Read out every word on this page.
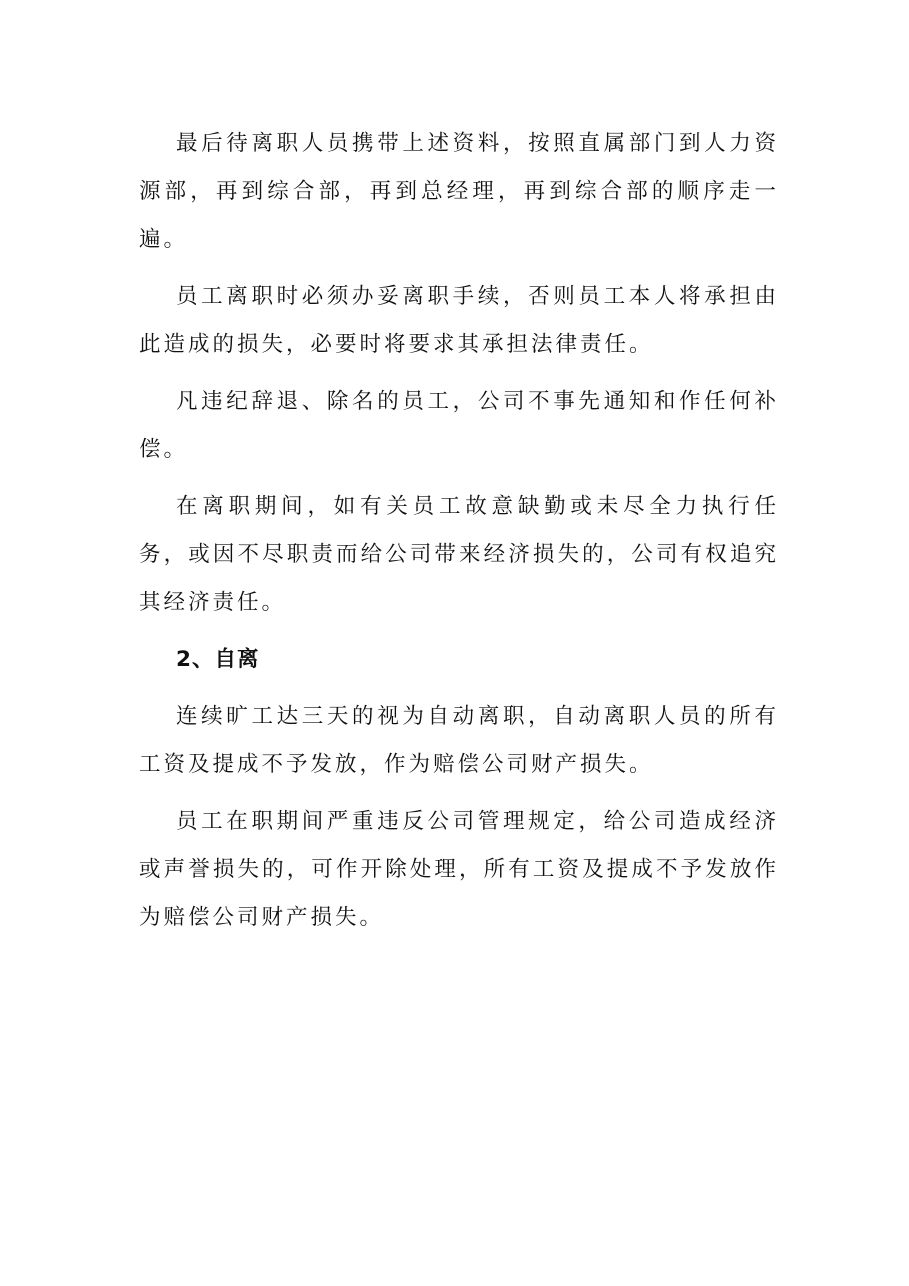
最后待离职人员携带上述资料，按照直属部门到人力资源部，再到综合部，再到总经理，再到综合部的顺序走一遍。

员工离职时必须办妥离职手续，否则员工本人将承担由此造成的损失，必要时将要求其承担法律责任。

凡违纪辞退、除名的员工，公司不事先通知和作任何补偿。

在离职期间，如有关员工故意缺勤或未尽全力执行任务，或因不尽职责而给公司带来经济损失的，公司有权追究其经济责任。

2、自离

连续旷工达三天的视为自动离职，自动离职人员的所有工资及提成不予发放，作为赔偿公司财产损失。

员工在职期间严重违反公司管理规定，给公司造成经济或声誉损失的，可作开除处理，所有工资及提成不予发放作为赔偿公司财产损失。
